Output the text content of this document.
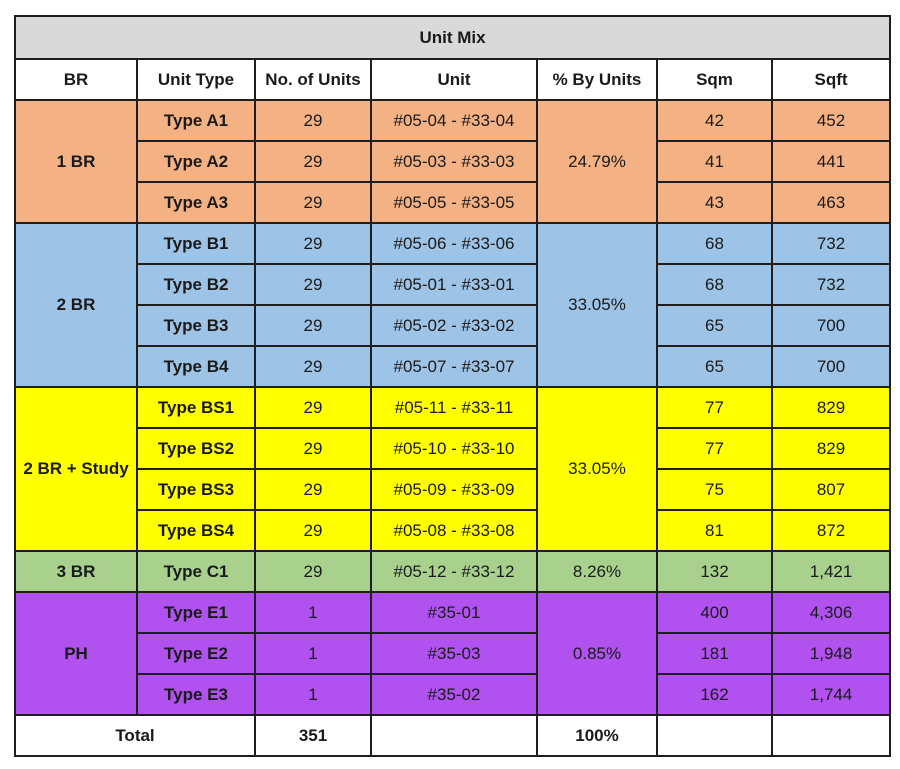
Unit Mix						
BR	Unit Type	No. of Units	Unit	% By Units	Sqm	Sqft
1 BR	Type A1	29	#05-04 - #33-04	24.79%	42	452
	Type A2	29	#05-03 - #33-03		41	441
	Type A3	29	#05-05 - #33-05		43	463
2 BR	Type B1	29	#05-06 - #33-06	33.05%	68	732
	Type B2	29	#05-01 - #33-01		68	732
	Type B3	29	#05-02 - #33-02		65	700
	Type B4	29	#05-07 - #33-07		65	700
2 BR + Study	Type BS1	29	#05-11 - #33-11	33.05%	77	829
	Type BS2	29	#05-10 - #33-10		77	829
	Type BS3	29	#05-09 - #33-09		75	807
	Type BS4	29	#05-08 - #33-08		81	872
3 BR	Type C1	29	#05-12 - #33-12	8.26%	132	1,421
PH	Type E1	1	#35-01	0.85%	400	4,306
	Type E2	1	#35-03		181	1,948
	Type E3	1	#35-02		162	1,744
Total		351		100%		
